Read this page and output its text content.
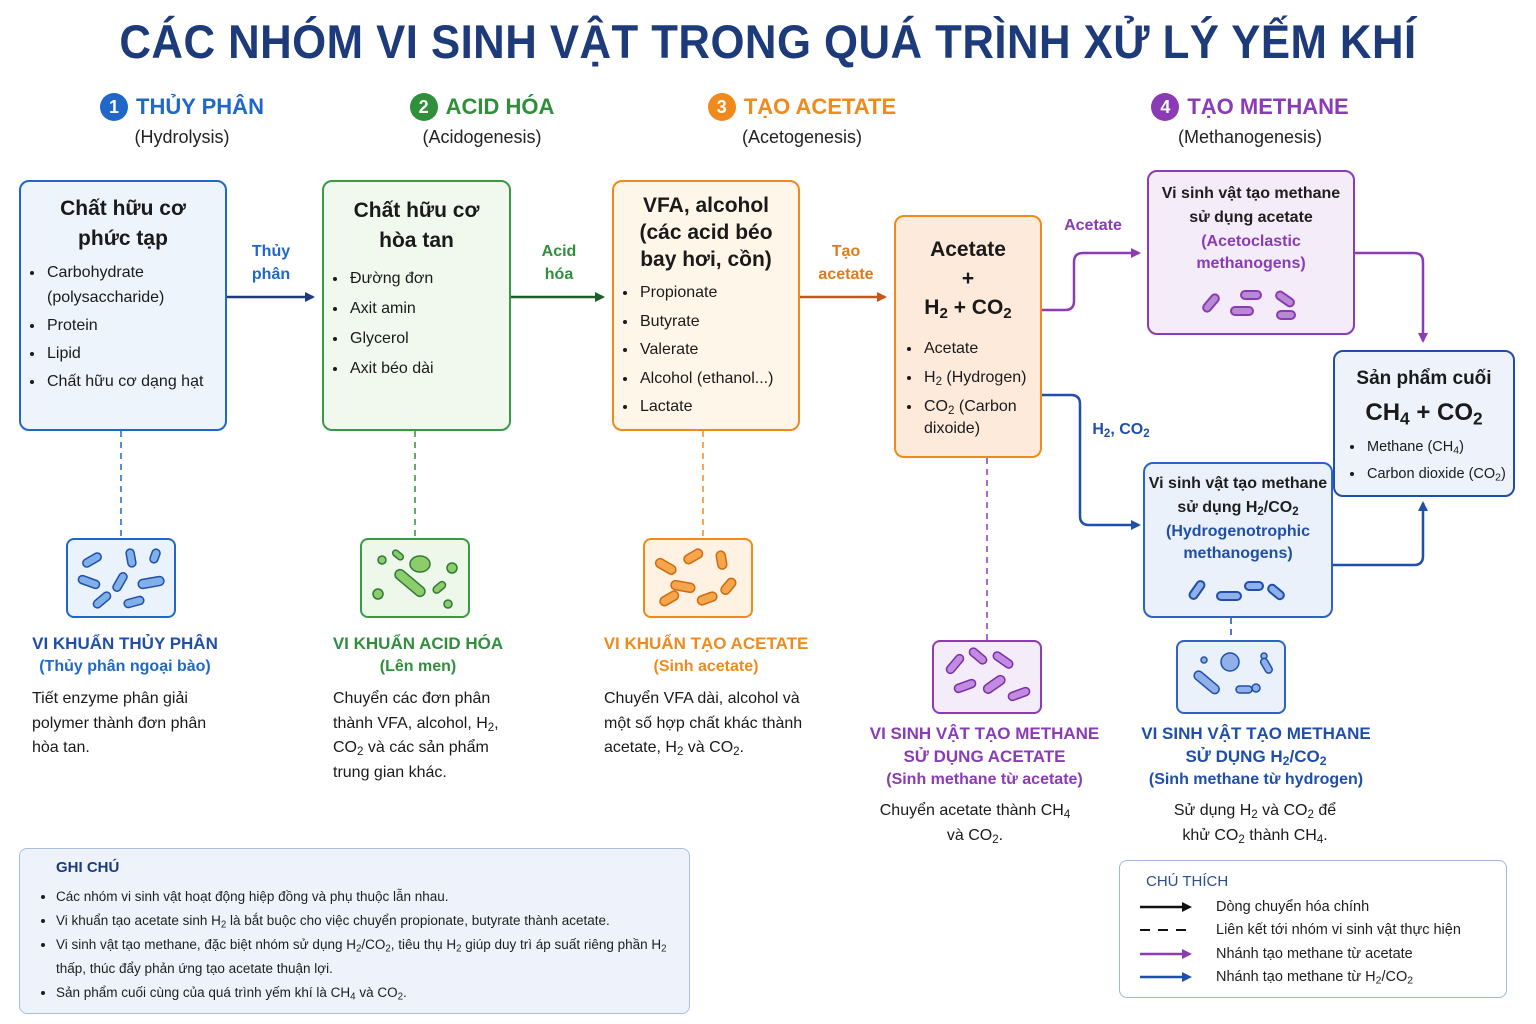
CÁC NHÓM VI SINH VẬT TRONG QUÁ TRÌNH XỬ LÝ YẾM KHÍ
1 THỦY PHÂN
(Hydrolysis)
2 ACID HÓA
(Acidogenesis)
3 TẠO ACETATE
(Acetogenesis)
4 TẠO METHANE
(Methanogenesis)
Thủy
phân
Acid
hóa
Tạo
acetate
Acetate
$H_2$, $CO_2$
Chất hữu cơ
phức tạp
• Carbohydrate (polysaccharide)
• Protein
• Lipid
• Chất hữu cơ dạng hạt
Chất hữu cơ
hòa tan
• Đường đơn
• Axit amin
• Glycerol
• Axit béo dài
VFA, alcohol
(các acid béo
bay hơi, cồn)
• Propionate
• Butyrate
• Valerate
• Alcohol (ethanol...)
• Lactate
Acetate
+
$H_2 + CO_2$
• Acetate
• $H_2$ (Hydrogen)
• $CO_2$ (Carbon dixoide)
Vi sinh vật tạo methane
sử dụng acetate
(Acetoclastic
methanogens)
Vi sinh vật tạo methane
sử dụng $H_2/CO_2$
(Hydrogenotrophic
methanogens)
Sản phẩm cuối
$CH_4 + CO_2$
• Methane $(CH_4)$
• Carbon dioxide $(CO_2)$
VI KHUẨN THỦY PHÂN
(Thủy phân ngoại bào)
VI KHUẨN ACID HÓA
(Lên men)
VI KHUẨN TẠO ACETATE
(Sinh acetate)
VI SINH VẬT TẠO METHANE
SỬ DỤNG ACETATE
(Sinh methane từ acetate)
VI SINH VẬT TẠO METHANE
SỬ DỤNG $H_2/CO_2$
(Sinh methane từ hydrogen)
Tiết enzyme phân giải polymer thành đơn phân hòa tan.
Chuyển các đơn phân thành VFA, alcohol, $H_2$, $CO_2$ và các sản phẩm trung gian khác.
Chuyển VFA dài, alcohol và một số hợp chất khác thành acetate, $H_2$ và $CO_2$.
Chuyển acetate thành $CH_4$
và $CO_2$.
Sử dụng $H_2$ và $CO_2$ để
khử $CO_2$ thành $CH_4$.
GHI CHÚ
• Các nhóm vi sinh vật hoạt động hiệp đồng và phụ thuộc lẫn nhau.
• Vi khuẩn tạo acetate $\sinh H_2$ là bắt buộc cho việc chuyển propionate, butyrate thành acetate.
• Vi sinh vật tạo methane, đặc biệt nhóm sử dụng $H_2/CO_2$, tiêu thụ $H_2$ giúp duy trì áp suất riêng phần $H_2$ thấp, thúc đẩy phản ứng tạo acetate thuận lợi.
• Sản phẩm cuối cùng của quá trình yếm khí là $CH_4$ và $CO_2$.
CHÚ THÍCH
Dòng chuyển hóa chính
Liên kết tới nhóm vi sinh vật thực hiện
Nhánh tạo methane từ acetate
Nhánh tạo methane từ $H_2/CO_2$
